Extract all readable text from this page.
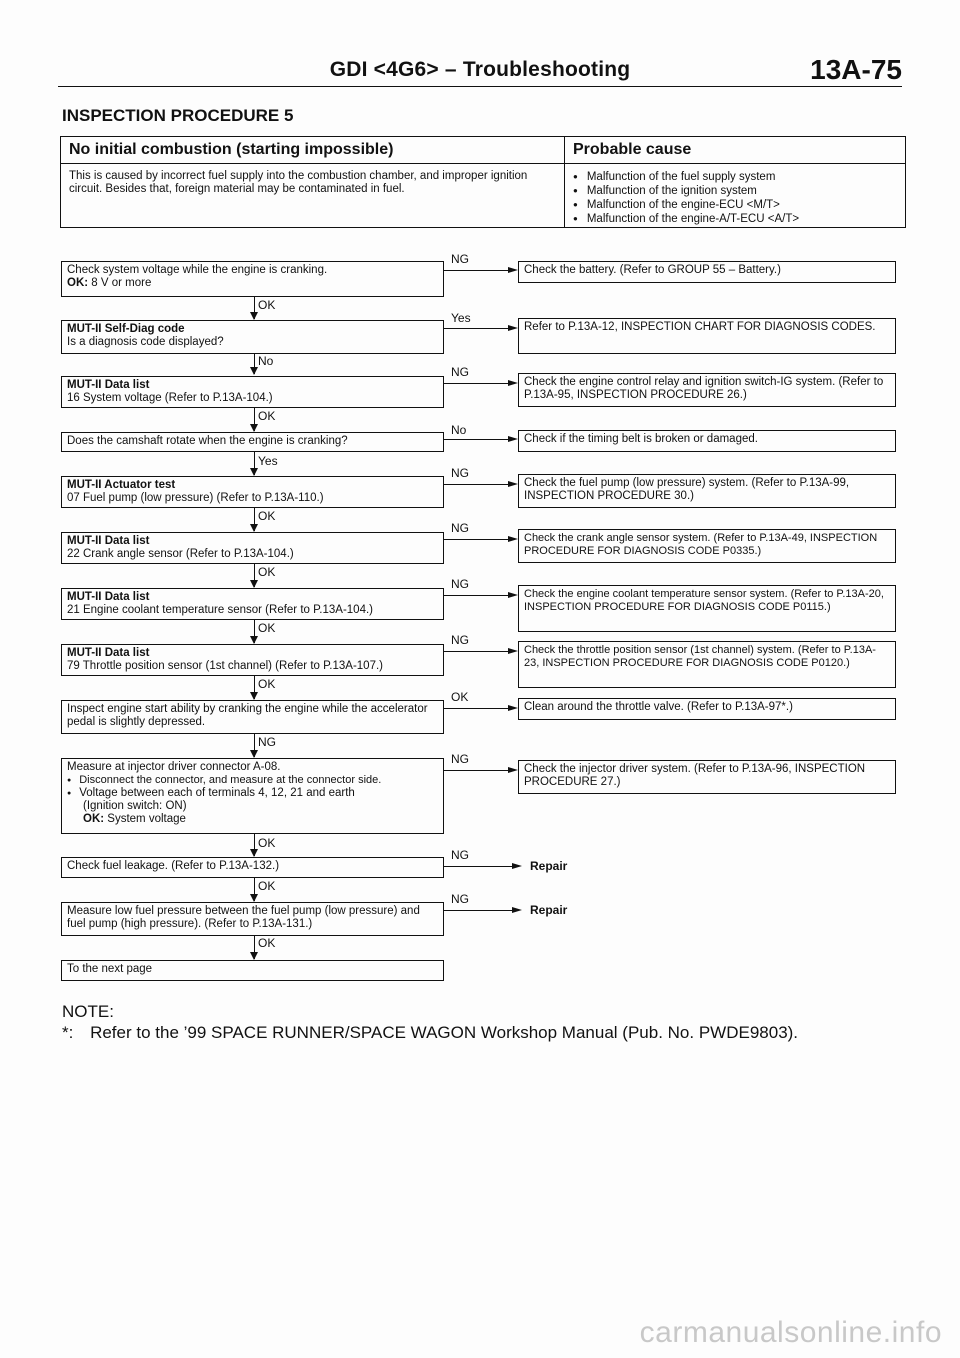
GDI <4G6> – Troubleshooting	13A-75
INSPECTION PROCEDURE 5
No initial combustion (starting impossible)	Probable cause
This is caused by incorrect fuel supply into the combustion chamber, and improper ignition circuit. Besides that, foreign material may be contaminated in fuel.
● Malfunction of the fuel supply system
● Malfunction of the ignition system
● Malfunction of the engine-ECU <M/T>
● Malfunction of the engine-A/T-ECU <A/T>
Check system voltage while the engine is cranking.
OK: 8 V or more
NG
Check the battery. (Refer to GROUP 55 – Battery.)
OK
MUT-II Self-Diag code
Is a diagnosis code displayed?
Yes
Refer to P.13A-12, INSPECTION CHART FOR DIAGNOSIS CODES.
No
MUT-II Data list
16 System voltage (Refer to P.13A-104.)
NG
Check the engine control relay and ignition switch-IG system. (Refer to P.13A-95, INSPECTION PROCEDURE 26.)
OK
Does the camshaft rotate when the engine is cranking?
No
Check if the timing belt is broken or damaged.
Yes
MUT-II Actuator test
07 Fuel pump (low pressure) (Refer to P.13A-110.)
NG
Check the fuel pump (low pressure) system. (Refer to P.13A-99, INSPECTION PROCEDURE 30.)
OK
MUT-II Data list
22 Crank angle sensor (Refer to P.13A-104.)
NG
Check the crank angle sensor system. (Refer to P.13A-49, INSPECTION PROCEDURE FOR DIAGNOSIS CODE P0335.)
OK
MUT-II Data list
21 Engine coolant temperature sensor (Refer to P.13A-104.)
NG
Check the engine coolant temperature sensor system. (Refer to P.13A-20, INSPECTION PROCEDURE FOR DIAGNOSIS CODE P0115.)
OK
MUT-II Data list
79 Throttle position sensor (1st channel) (Refer to P.13A-107.)
NG
Check the throttle position sensor (1st channel) system. (Refer to P.13A-23, INSPECTION PROCEDURE FOR DIAGNOSIS CODE P0120.)
OK
Inspect engine start ability by cranking the engine while the accelerator pedal is slightly depressed.
OK
Clean around the throttle valve. (Refer to P.13A-97*.)
NG
Measure at injector driver connector A-08.
● Disconnect the connector, and measure at the connector side.
● Voltage between each of terminals 4, 12, 21 and earth
(Ignition switch: ON)
OK: System voltage
NG
Check the injector driver system. (Refer to P.13A-96, INSPECTION PROCEDURE 27.)
OK
Check fuel leakage. (Refer to P.13A-132.)
NG
Repair
OK
Measure low fuel pressure between the fuel pump (low pressure) and fuel pump (high pressure). (Refer to P.13A-131.)
NG
Repair
OK
To the next page
NOTE:
*: Refer to the ’99 SPACE RUNNER/SPACE WAGON Workshop Manual (Pub. No. PWDE9803).
carmanualsonline.info
